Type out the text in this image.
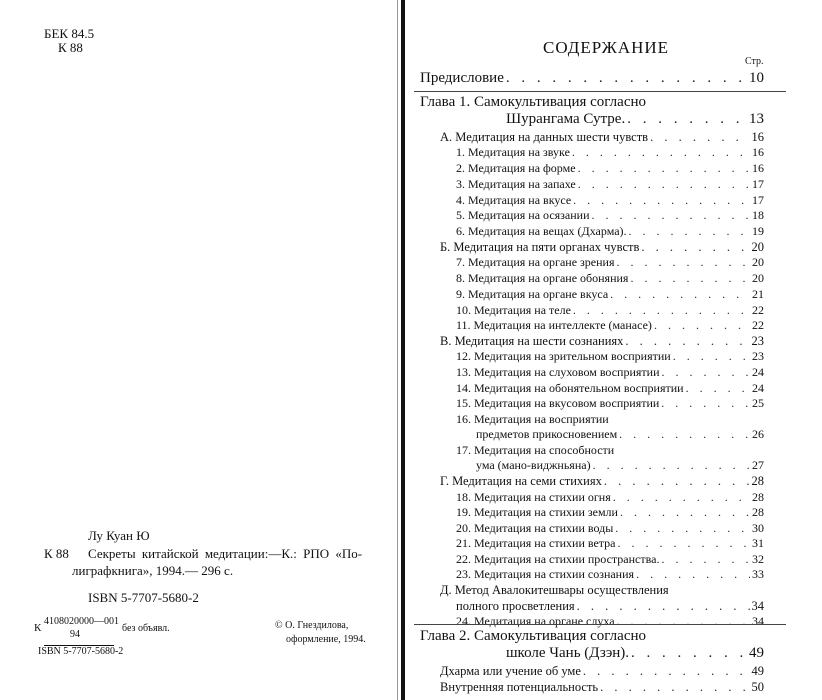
БЕК 84.5
К 88
Лу Куан Ю
К 88 Секреты китайской медитации:—К.: РПО «По-
лиграфкнига», 1994.— 296 с.
ISBN 5-7707-5680-2
К
4108020000—001
94
без объявл.
ISBN 5-7707-5680-2
© О. Гнездилова,
оформление, 1994.
СОДЕРЖАНИЕ
Стр.
Предисловие . . .	10
Глава 1. Самокультивация согласно
Шурангама Сутре. . . .	13
А. Медитация на данных шести чувств . . .	16
1. Медитация на звуке . . .	16
2. Медитация на форме . . .	16
3. Медитация на запахе . . .	17
4. Медитация на вкусе . . .	17
5. Медитация на осязании . . .	18
6. Медитация на вещах (Дхарма). . . .	19
Б. Медитация на пяти органах чувств . . .	20
7. Медитация на органе зрения . . .	20
8. Медитация на органе обоняния . . .	20
9. Медитация на органе вкуса . . .	21
10. Медитация на теле . . .	22
11. Медитация на интеллекте (манасе) . . .	22
В. Медитация на шести сознаниях . . .	23
12. Медитация на зрительном восприятии . . .	23
13. Медитация на слуховом восприятии . . .	24
14. Медитация на обонятельном восприятии . . .	24
15. Медитация на вкусовом восприятии . . .	25
16. Медитация на восприятии
предметов прикосновением . . .	26
17. Медитация на способности
ума (мано-виджньяна) . . .	27
Г. Медитация на семи стихиях . . .	28
18. Медитация на стихии огня . . .	28
19. Медитация на стихии земли . . .	28
20. Медитация на стихии воды . . .	30
21. Медитация на стихии ветра . . .	31
22. Медитация на стихии пространства. . . .	32
23. Медитация на стихии сознания . . .	33
Д. Метод Авалокитешвары осуществления
полного просветления . . .	34
24. Медитация на органе слуха . . .	34
Глава 2. Самокультивация согласно
школе Чань (Дзэн). . . .	49
Дхарма или учение об уме . . .	49
Внутренняя потенциальность . . .	50
